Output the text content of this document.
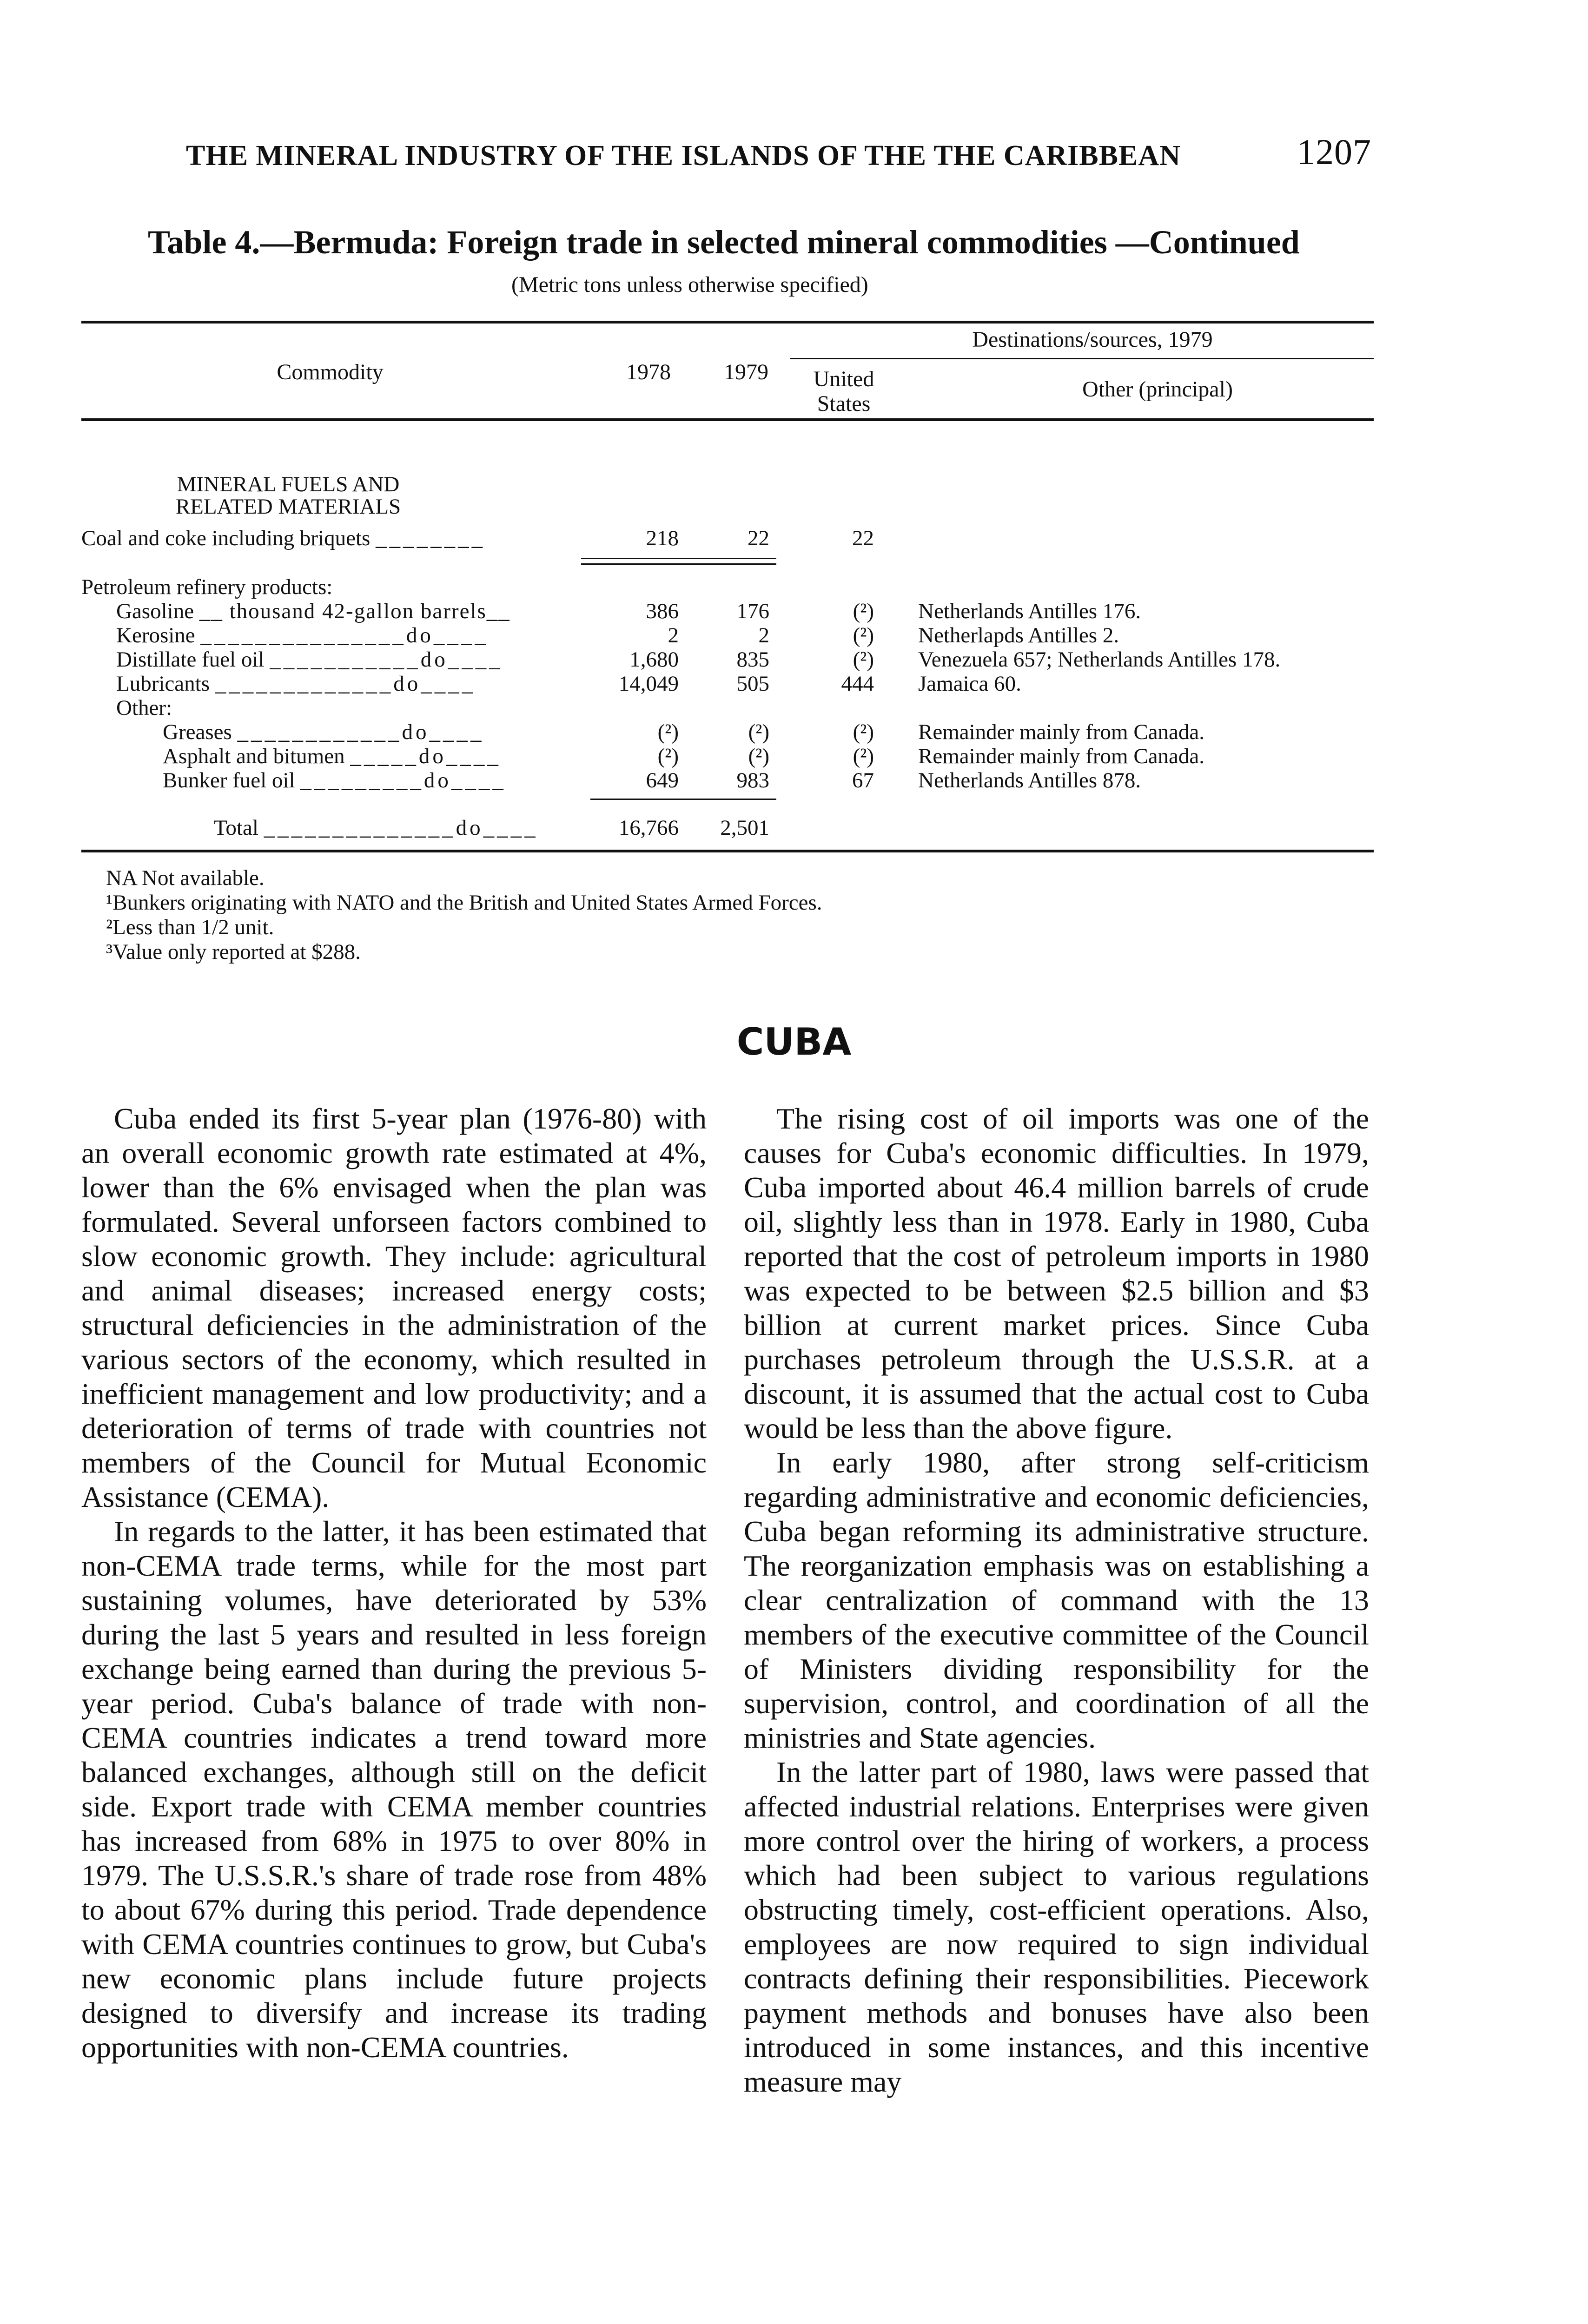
THE MINERAL INDUSTRY OF THE ISLANDS OF THE THE CARIBBEAN	1207
Table 4.—Bermuda: Foreign trade in selected mineral commodities —Continued
(Metric tons unless otherwise specified)
Commodity	1978	1979
Destinations/sources, 1979
United States
Other (principal)
MINERAL FUELS AND RELATED MATERIALS
Coal and coke including briquets ________	218	22	22
Petroleum refinery products:
Gasoline __ thousand 42-gallon barrels__	386	176	(²) Netherlands Antilles 176.
Kerosine _______________do____	2	2	(²) Netherlapds Antilles 2.
Distillate fuel oil ___________do____	1,680	835	(²) Venezuela 657; Netherlands Antilles 178.
Lubricants _____________do____	14,049	505	444 Jamaica 60.
Other:
Greases ____________do____	(²)	(²)	(²) Remainder mainly from Canada.
Asphalt and bitumen _____do____	(²)	(²)	(²) Remainder mainly from Canada.
Bunker fuel oil _________do____	649	983	67 Netherlands Antilles 878.
Total ______________do____	16,766	2,501
NA Not available.
¹Bunkers originating with NATO and the British and United States Armed Forces.
²Less than 1/2 unit.
³Value only reported at $288.
CUBA

Cuba ended its first 5-year plan (1976-80) with an overall economic growth rate estimated at 4%, lower than the 6% envisaged when the plan was formulated. Several unforseen factors combined to slow economic growth. They include: agricultural and animal diseases; increased energy costs; structural deficiencies in the administration of the various sectors of the economy, which resulted in inefficient management and low productivity; and a deterioration of terms of trade with countries not members of the Council for Mutual Economic Assistance (CEMA).

In regards to the latter, it has been estimated that non-CEMA trade terms, while for the most part sustaining volumes, have deteriorated by 53% during the last 5 years and resulted in less foreign exchange being earned than during the previous 5-year period. Cuba's balance of trade with non-CEMA countries indicates a trend toward more balanced exchanges, although still on the deficit side. Export trade with CEMA member countries has increased from 68% in 1975 to over 80% in 1979. The U.S.S.R.'s share of trade rose from 48% to about 67% during this period. Trade dependence with CEMA countries continues to grow, but Cuba's new economic plans include future projects designed to diversify and increase its trading opportunities with non-CEMA countries.

The rising cost of oil imports was one of the causes for Cuba's economic difficulties. In 1979, Cuba imported about 46.4 million barrels of crude oil, slightly less than in 1978. Early in 1980, Cuba reported that the cost of petroleum imports in 1980 was expected to be between $2.5 billion and $3 billion at current market prices. Since Cuba purchases petroleum through the U.S.S.R. at a discount, it is assumed that the actual cost to Cuba would be less than the above figure.

In early 1980, after strong self-criticism regarding administrative and economic deficiencies, Cuba began reforming its administrative structure. The reorganization emphasis was on establishing a clear centralization of command with the 13 members of the executive committee of the Council of Ministers dividing responsibility for the supervision, control, and coordination of all the ministries and State agencies.

In the latter part of 1980, laws were passed that affected industrial relations. Enterprises were given more control over the hiring of workers, a process which had been subject to various regulations obstructing timely, cost-efficient operations. Also, employees are now required to sign individual contracts defining their responsibilities. Piecework payment methods and bonuses have also been introduced in some instances, and this incentive measure may
